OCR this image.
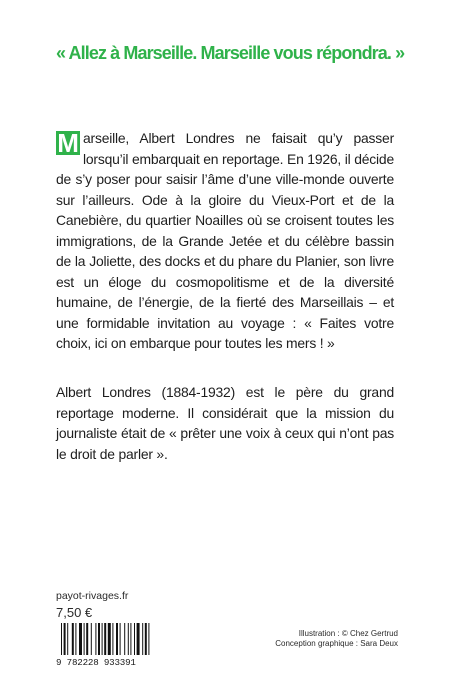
« Allez à Marseille. Marseille vous répondra. »
M arseille, Albert Londres ne faisait qu’y passer lorsqu’il embarquait en reportage. En 1926, il décide de s’y poser pour saisir l’âme d’une ville-monde ouverte sur l’ailleurs. Ode à la gloire du Vieux-Port et de la Canebière, du quartier Noailles où se croisent toutes les immigrations, de la Grande Jetée et du célèbre bassin de la Joliette, des docks et du phare du Planier, son livre est un éloge du cosmopolitisme et de la diversité humaine, de l’énergie, de la fierté des Marseillais – et une formidable invitation au voyage : « Faites votre choix, ici on embarque pour toutes les mers ! »
Albert Londres (1884-1932) est le père du grand reportage moderne. Il considérait que la mission du journaliste était de « prêter une voix à ceux qui n’ont pas le droit de parler ».
payot-rivages.fr
7,50 €
9 782228 933391
Illustration : © Chez Gertrud
Conception graphique : Sara Deux
